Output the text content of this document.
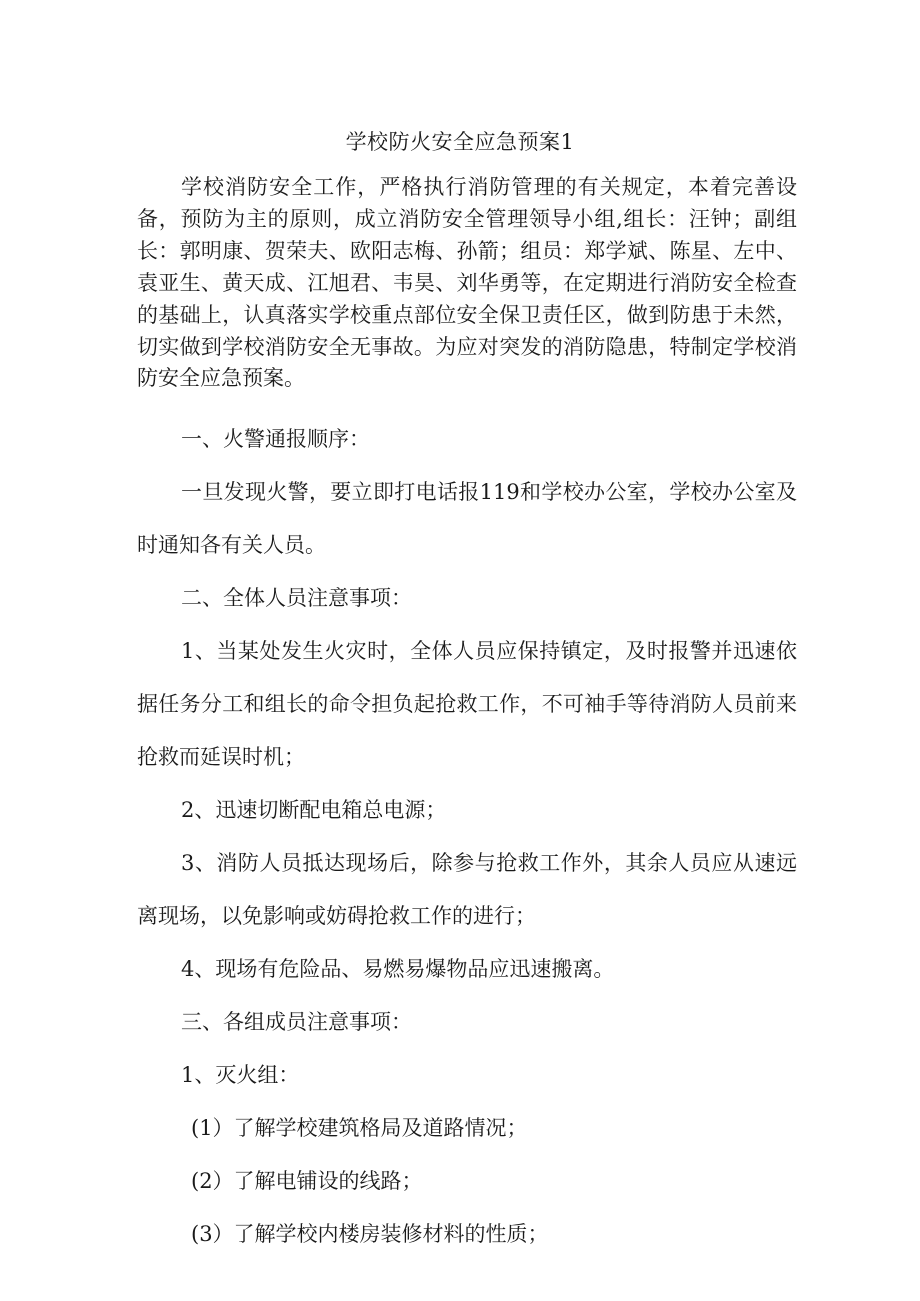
学校防火安全应急预案1

学校消防安全工作，严格执行消防管理的有关规定，本着完善设备，预防为主的原则，成立消防安全管理领导小组,组长：汪钟；副组长：郭明康、贺荣夫、欧阳志梅、孙箭；组员：郑学斌、陈星、左中、袁亚生、黄天成、江旭君、韦昊、刘华勇等，在定期进行消防安全检查的基础上，认真落实学校重点部位安全保卫责任区，做到防患于未然，切实做到学校消防安全无事故。为应对突发的消防隐患，特制定学校消防安全应急预案。

一、火警通报顺序：

一旦发现火警，要立即打电话报119和学校办公室，学校办公室及时通知各有关人员。

二、全体人员注意事项：

1、当某处发生火灾时，全体人员应保持镇定，及时报警并迅速依据任务分工和组长的命令担负起抢救工作，不可袖手等待消防人员前来抢救而延误时机；

2、迅速切断配电箱总电源；

3、消防人员抵达现场后，除参与抢救工作外，其余人员应从速远离现场，以免影响或妨碍抢救工作的进行；

4、现场有危险品、易燃易爆物品应迅速搬离。

三、各组成员注意事项：

1、灭火组：

(1）了解学校建筑格局及道路情况；

(2）了解电铺设的线路；

(3）了解学校内楼房装修材料的性质；
